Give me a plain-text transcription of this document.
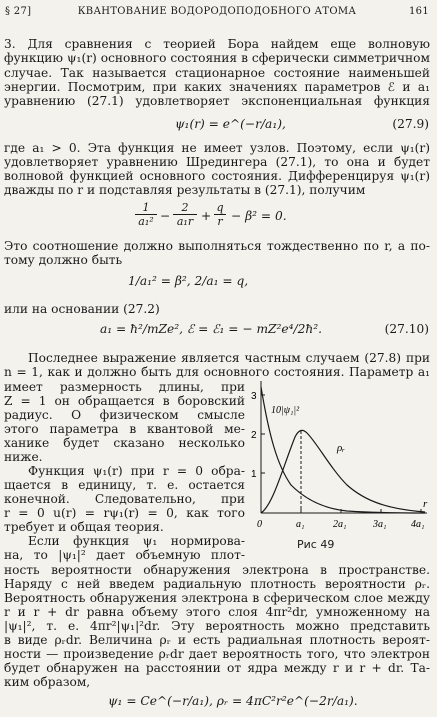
§ 27]	КВАНТОВАНИЕ ВОДОРОДОПОДОБНОГО АТОМА	161
3. Для сравнения с теорией Бора найдем еще волновую
функцию ψ₁(r) основного состояния в сферически симметричном
случае. Так называется стационарное состояние наименьшей
энергии. Посмотрим, при каких значениях параметров ℰ и a₁
уравнению (27.1) удовлетворяет экспоненциальная функция
ψ₁(r) = e^(−r/a₁),	(27.9)
где a₁ > 0. Эта функция не имеет узлов. Поэтому, если ψ₁(r)
удовлетворяет уравнению Шредингера (27.1), то она и будет
волновой функцией основного состояния. Дифференцируя ψ₁(r)
дважды по r и подставляя результаты в (27.1), получим
$\frac{1}{\text{a₁²}} - \frac{2}{\text{a₁r}} + \frac{q}{r} - \beta^2 = 0$.
Это соотношение должно выполняться тождественно по r, а по-
тому должно быть
1/a₁² = β², 2/a₁ = q,
или на основании (27.2)
a₁ = ħ²/mZe², ℰ = ℰ₁ = − mZ²e⁴/2ħ².	(27.10)
Последнее выражение является частным случаем (27.8) при
n = 1, как и должно быть для основного состояния. Параметр a₁
имеет размерность длины, при
Z = 1 он обращается в боровский
радиус. О физическом смысле
этого параметра в квантовой ме-
ханике будет сказано несколько
ниже.
Функция ψ₁(r) при r = 0 обра-
щается в единицу, т. е. остается
конечной. Следовательно, при
r = 0 u(r) = rψ₁(r) = 0, как того
требует и общая теория.
Если функция ψ₁ нормирова-
на, то |ψ₁|² дает объемную плот-
3
2
1
0	a₁	2a₁	3a₁ 4a₁
r
10|ψ₁|²
ρᵣ
Рис 49
ность вероятности обнаружения электрона в пространстве.
Наряду с ней введем радиальную плотность вероятности ρᵣ.
Вероятность обнаружения электрона в сферическом слое между
r и r + dr равна объему этого слоя 4πr²dr, умноженному на
|ψ₁|², т. е. 4πr²|ψ₁|²dr. Эту вероятность можно представить
в виде ρᵣdr. Величина ρᵣ и есть радиальная плотность вероят-
ности — произведение ρᵣdr дает вероятность того, что электрон
будет обнаружен на расстоянии от ядра между r и r + dr. Та-
ким образом,
ψ₁ = Ce^(−r/a₁), ρᵣ = 4πC²r²e^(−2r/a₁).
